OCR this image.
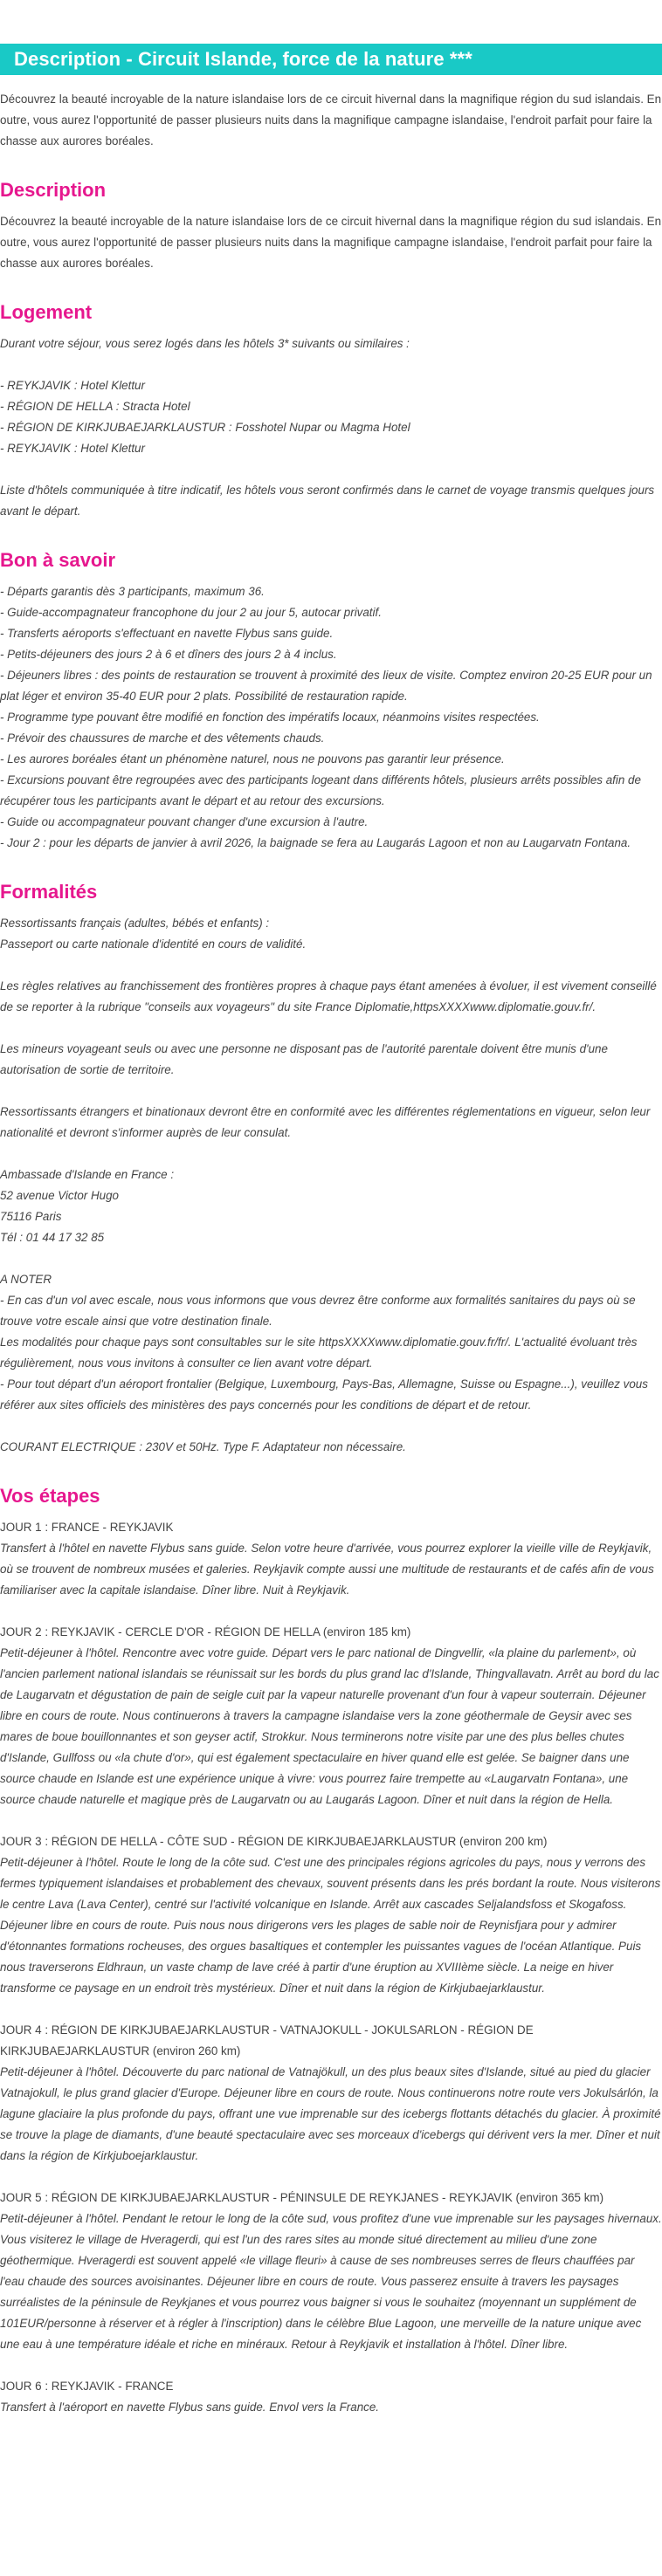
Description - Circuit Islande, force de la nature ***

Découvrez la beauté incroyable de la nature islandaise lors de ce circuit hivernal dans la magnifique région du sud islandais. En outre, vous aurez l'opportunité de passer plusieurs nuits dans la magnifique campagne islandaise, l'endroit parfait pour faire la chasse aux aurores boréales.

Description

Découvrez la beauté incroyable de la nature islandaise lors de ce circuit hivernal dans la magnifique région du sud islandais. En outre, vous aurez l'opportunité de passer plusieurs nuits dans la magnifique campagne islandaise, l'endroit parfait pour faire la chasse aux aurores boréales.

Logement

Durant votre séjour, vous serez logés dans les hôtels 3* suivants ou similaires :

- REYKJAVIK : Hotel Klettur

- RÉGION DE HELLA : Stracta Hotel

- RÉGION DE KIRKJUBAEJARKLAUSTUR : Fosshotel Nupar ou Magma Hotel

- REYKJAVIK : Hotel Klettur

Liste d'hôtels communiquée à titre indicatif, les hôtels vous seront confirmés dans le carnet de voyage transmis quelques jours avant le départ.

Bon à savoir

- Départs garantis dès 3 participants, maximum 36.

- Guide-accompagnateur francophone du jour 2 au jour 5, autocar privatif.

- Transferts aéroports s'effectuant en navette Flybus sans guide.

- Petits-déjeuners des jours 2 à 6 et dîners des jours 2 à 4 inclus.

- Déjeuners libres : des points de restauration se trouvent à proximité des lieux de visite. Comptez environ 20-25 EUR pour un plat léger et environ 35-40 EUR pour 2 plats. Possibilité de restauration rapide.

- Programme type pouvant être modifié en fonction des impératifs locaux, néanmoins visites respectées.

- Prévoir des chaussures de marche et des vêtements chauds.

- Les aurores boréales étant un phénomène naturel, nous ne pouvons pas garantir leur présence.

- Excursions pouvant être regroupées avec des participants logeant dans différents hôtels, plusieurs arrêts possibles afin de récupérer tous les participants avant le départ et au retour des excursions.

- Guide ou accompagnateur pouvant changer d'une excursion à l'autre.

- Jour 2 : pour les départs de janvier à avril 2026, la baignade se fera au Laugarás Lagoon et non au Laugarvatn Fontana.

Formalités

Ressortissants français (adultes, bébés et enfants) :

Passeport ou carte nationale d'identité en cours de validité.

Les règles relatives au franchissement des frontières propres à chaque pays étant amenées à évoluer, il est vivement conseillé de se reporter à la rubrique "conseils aux voyageurs" du site France Diplomatie,httpsXXXXwww.diplomatie.gouv.fr/.

Les mineurs voyageant seuls ou avec une personne ne disposant pas de l'autorité parentale doivent être munis d'une autorisation de sortie de territoire.

Ressortissants étrangers et binationaux devront être en conformité avec les différentes réglementations en vigueur, selon leur nationalité et devront s'informer auprès de leur consulat.

Ambassade d'Islande en France :

52 avenue Victor Hugo

75116 Paris

Tél : 01 44 17 32 85

A NOTER

- En cas d'un vol avec escale, nous vous informons que vous devrez être conforme aux formalités sanitaires du pays où se trouve votre escale ainsi que votre destination finale.

Les modalités pour chaque pays sont consultables sur le site httpsXXXXwww.diplomatie.gouv.fr/fr/. L'actualité évoluant très régulièrement, nous vous invitons à consulter ce lien avant votre départ.

- Pour tout départ d'un aéroport frontalier (Belgique, Luxembourg, Pays-Bas, Allemagne, Suisse ou Espagne...), veuillez vous référer aux sites officiels des ministères des pays concernés pour les conditions de départ et de retour.

COURANT ELECTRIQUE : 230V et 50Hz. Type F. Adaptateur non nécessaire.

Vos étapes

JOUR 1 : FRANCE - REYKJAVIK

Transfert à l'hôtel en navette Flybus sans guide. Selon votre heure d'arrivée, vous pourrez explorer la vieille ville de Reykjavik, où se trouvent de nombreux musées et galeries. Reykjavik compte aussi une multitude de restaurants et de cafés afin de vous familiariser avec la capitale islandaise. Dîner libre. Nuit à Reykjavik.

JOUR 2 : REYKJAVIK - CERCLE D'OR - RÉGION DE HELLA (environ 185 km)

Petit-déjeuner à l'hôtel. Rencontre avec votre guide. Départ vers le parc national de Dingvellir, «la plaine du parlement», où l'ancien parlement national islandais se réunissait sur les bords du plus grand lac d'Islande, Thingvallavatn. Arrêt au bord du lac de Laugarvatn et dégustation de pain de seigle cuit par la vapeur naturelle provenant d'un four à vapeur souterrain. Déjeuner libre en cours de route. Nous continuerons à travers la campagne islandaise vers la zone géothermale de Geysir avec ses mares de boue bouillonnantes et son geyser actif, Strokkur. Nous terminerons notre visite par une des plus belles chutes d'Islande, Gullfoss ou «la chute d'or», qui est également spectaculaire en hiver quand elle est gelée. Se baigner dans une source chaude en Islande est une expérience unique à vivre: vous pourrez faire trempette au «Laugarvatn Fontana», une source chaude naturelle et magique près de Laugarvatn ou au Laugarás Lagoon. Dîner et nuit dans la région de Hella.

JOUR 3 : RÉGION DE HELLA - CÔTE SUD - RÉGION DE KIRKJUBAEJARKLAUSTUR (environ 200 km)

Petit-déjeuner à l'hôtel. Route le long de la côte sud. C'est une des principales régions agricoles du pays, nous y verrons des fermes typiquement islandaises et probablement des chevaux, souvent présents dans les prés bordant la route. Nous visiterons le centre Lava (Lava Center), centré sur l'activité volcanique en Islande. Arrêt aux cascades Seljalandsfoss et Skogafoss. Déjeuner libre en cours de route. Puis nous nous dirigerons vers les plages de sable noir de Reynisfjara pour y admirer d'étonnantes formations rocheuses, des orgues basaltiques et contempler les puissantes vagues de l'océan Atlantique. Puis nous traverserons Eldhraun, un vaste champ de lave créé à partir d'une éruption au XVIIIème siècle. La neige en hiver transforme ce paysage en un endroit très mystérieux. Dîner et nuit dans la région de Kirkjubaejarklaustur.

JOUR 4 : RÉGION DE KIRKJUBAEJARKLAUSTUR - VATNAJOKULL - JOKULSARLON - RÉGION DE KIRKJUBAEJARKLAUSTUR (environ 260 km)

Petit-déjeuner à l'hôtel. Découverte du parc national de Vatnajökull, un des plus beaux sites d'Islande, situé au pied du glacier Vatnajokull, le plus grand glacier d'Europe. Déjeuner libre en cours de route. Nous continuerons notre route vers Jokulsárlón, la lagune glaciaire la plus profonde du pays, offrant une vue imprenable sur des icebergs flottants détachés du glacier. À proximité se trouve la plage de diamants, d'une beauté spectaculaire avec ses morceaux d'icebergs qui dérivent vers la mer. Dîner et nuit dans la région de Kirkjuboejarklaustur.

JOUR 5 : RÉGION DE KIRKJUBAEJARKLAUSTUR - PÉNINSULE DE REYKJANES - REYKJAVIK (environ 365 km)

Petit-déjeuner à l'hôtel. Pendant le retour le long de la côte sud, vous profitez d'une vue imprenable sur les paysages hivernaux. Vous visiterez le village de Hveragerdi, qui est l'un des rares sites au monde situé directement au milieu d'une zone géothermique. Hveragerdi est souvent appelé «le village fleuri» à cause de ses nombreuses serres de fleurs chauffées par l'eau chaude des sources avoisinantes. Déjeuner libre en cours de route. Vous passerez ensuite à travers les paysages surréalistes de la péninsule de Reykjanes et vous pourrez vous baigner si vous le souhaitez (moyennant un supplément de 101EUR/personne à réserver et à régler à l'inscription) dans le célèbre Blue Lagoon, une merveille de la nature unique avec une eau à une température idéale et riche en minéraux. Retour à Reykjavik et installation à l'hôtel. Dîner libre.

JOUR 6 : REYKJAVIK - FRANCE

Transfert à l'aéroport en navette Flybus sans guide. Envol vers la France.
